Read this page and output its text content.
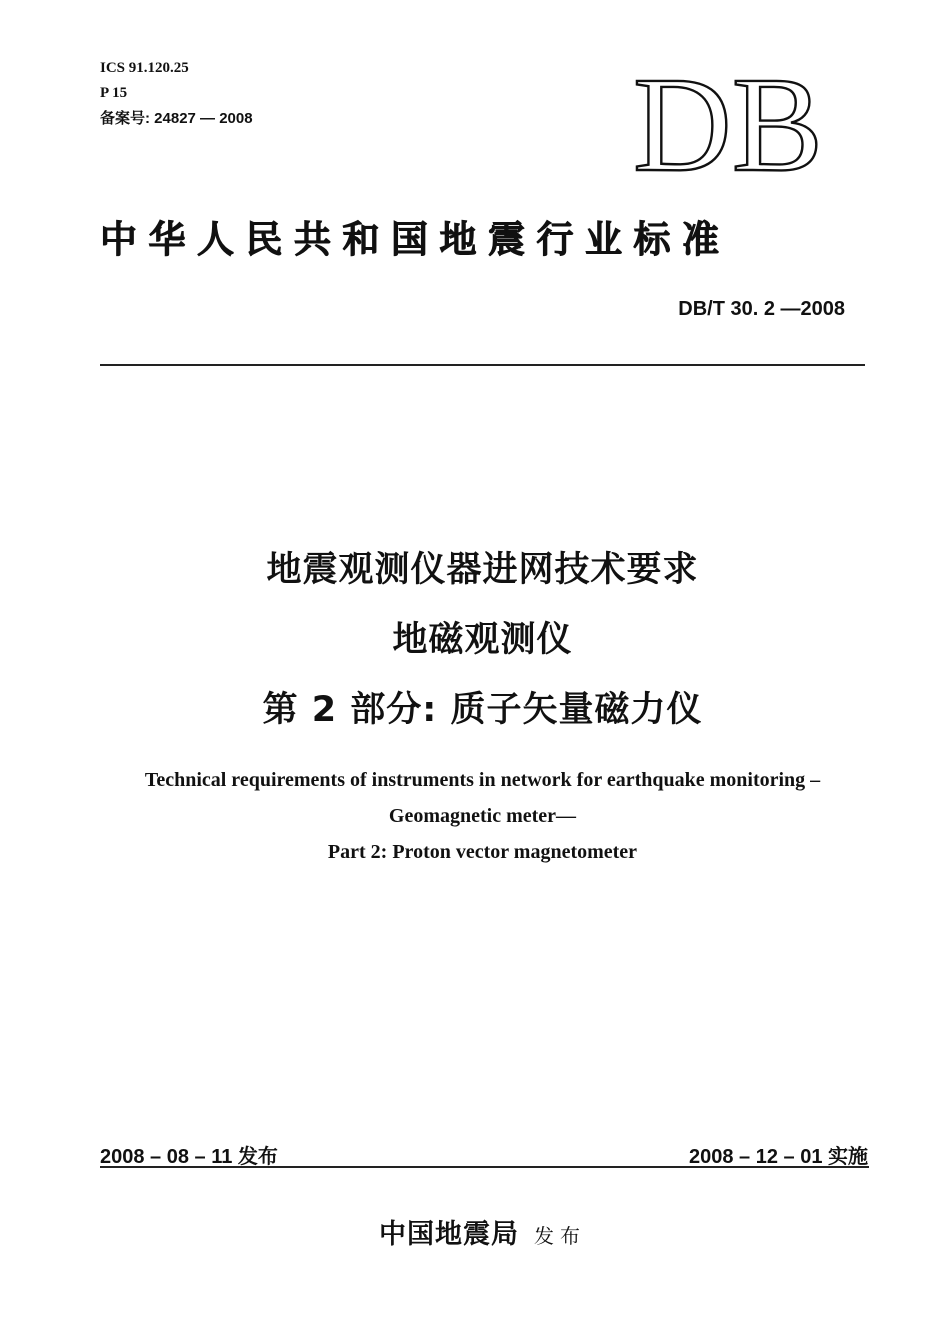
ICS 91.120.25
P 15
备案号: 24827 — 2008	DB
中华人民共和国地震行业标准
DB/T 30. 2 —2008
地震观测仪器进网技术要求
地磁观测仪
第 2 部分: 质子矢量磁力仪
Technical requirements of instruments in network for earthquake monitoring –
Geomagnetic meter—
Part 2: Proton vector magnetometer
2008 – 08 – 11 发布	2008 – 12 – 01 实施
中国地震局 发布
